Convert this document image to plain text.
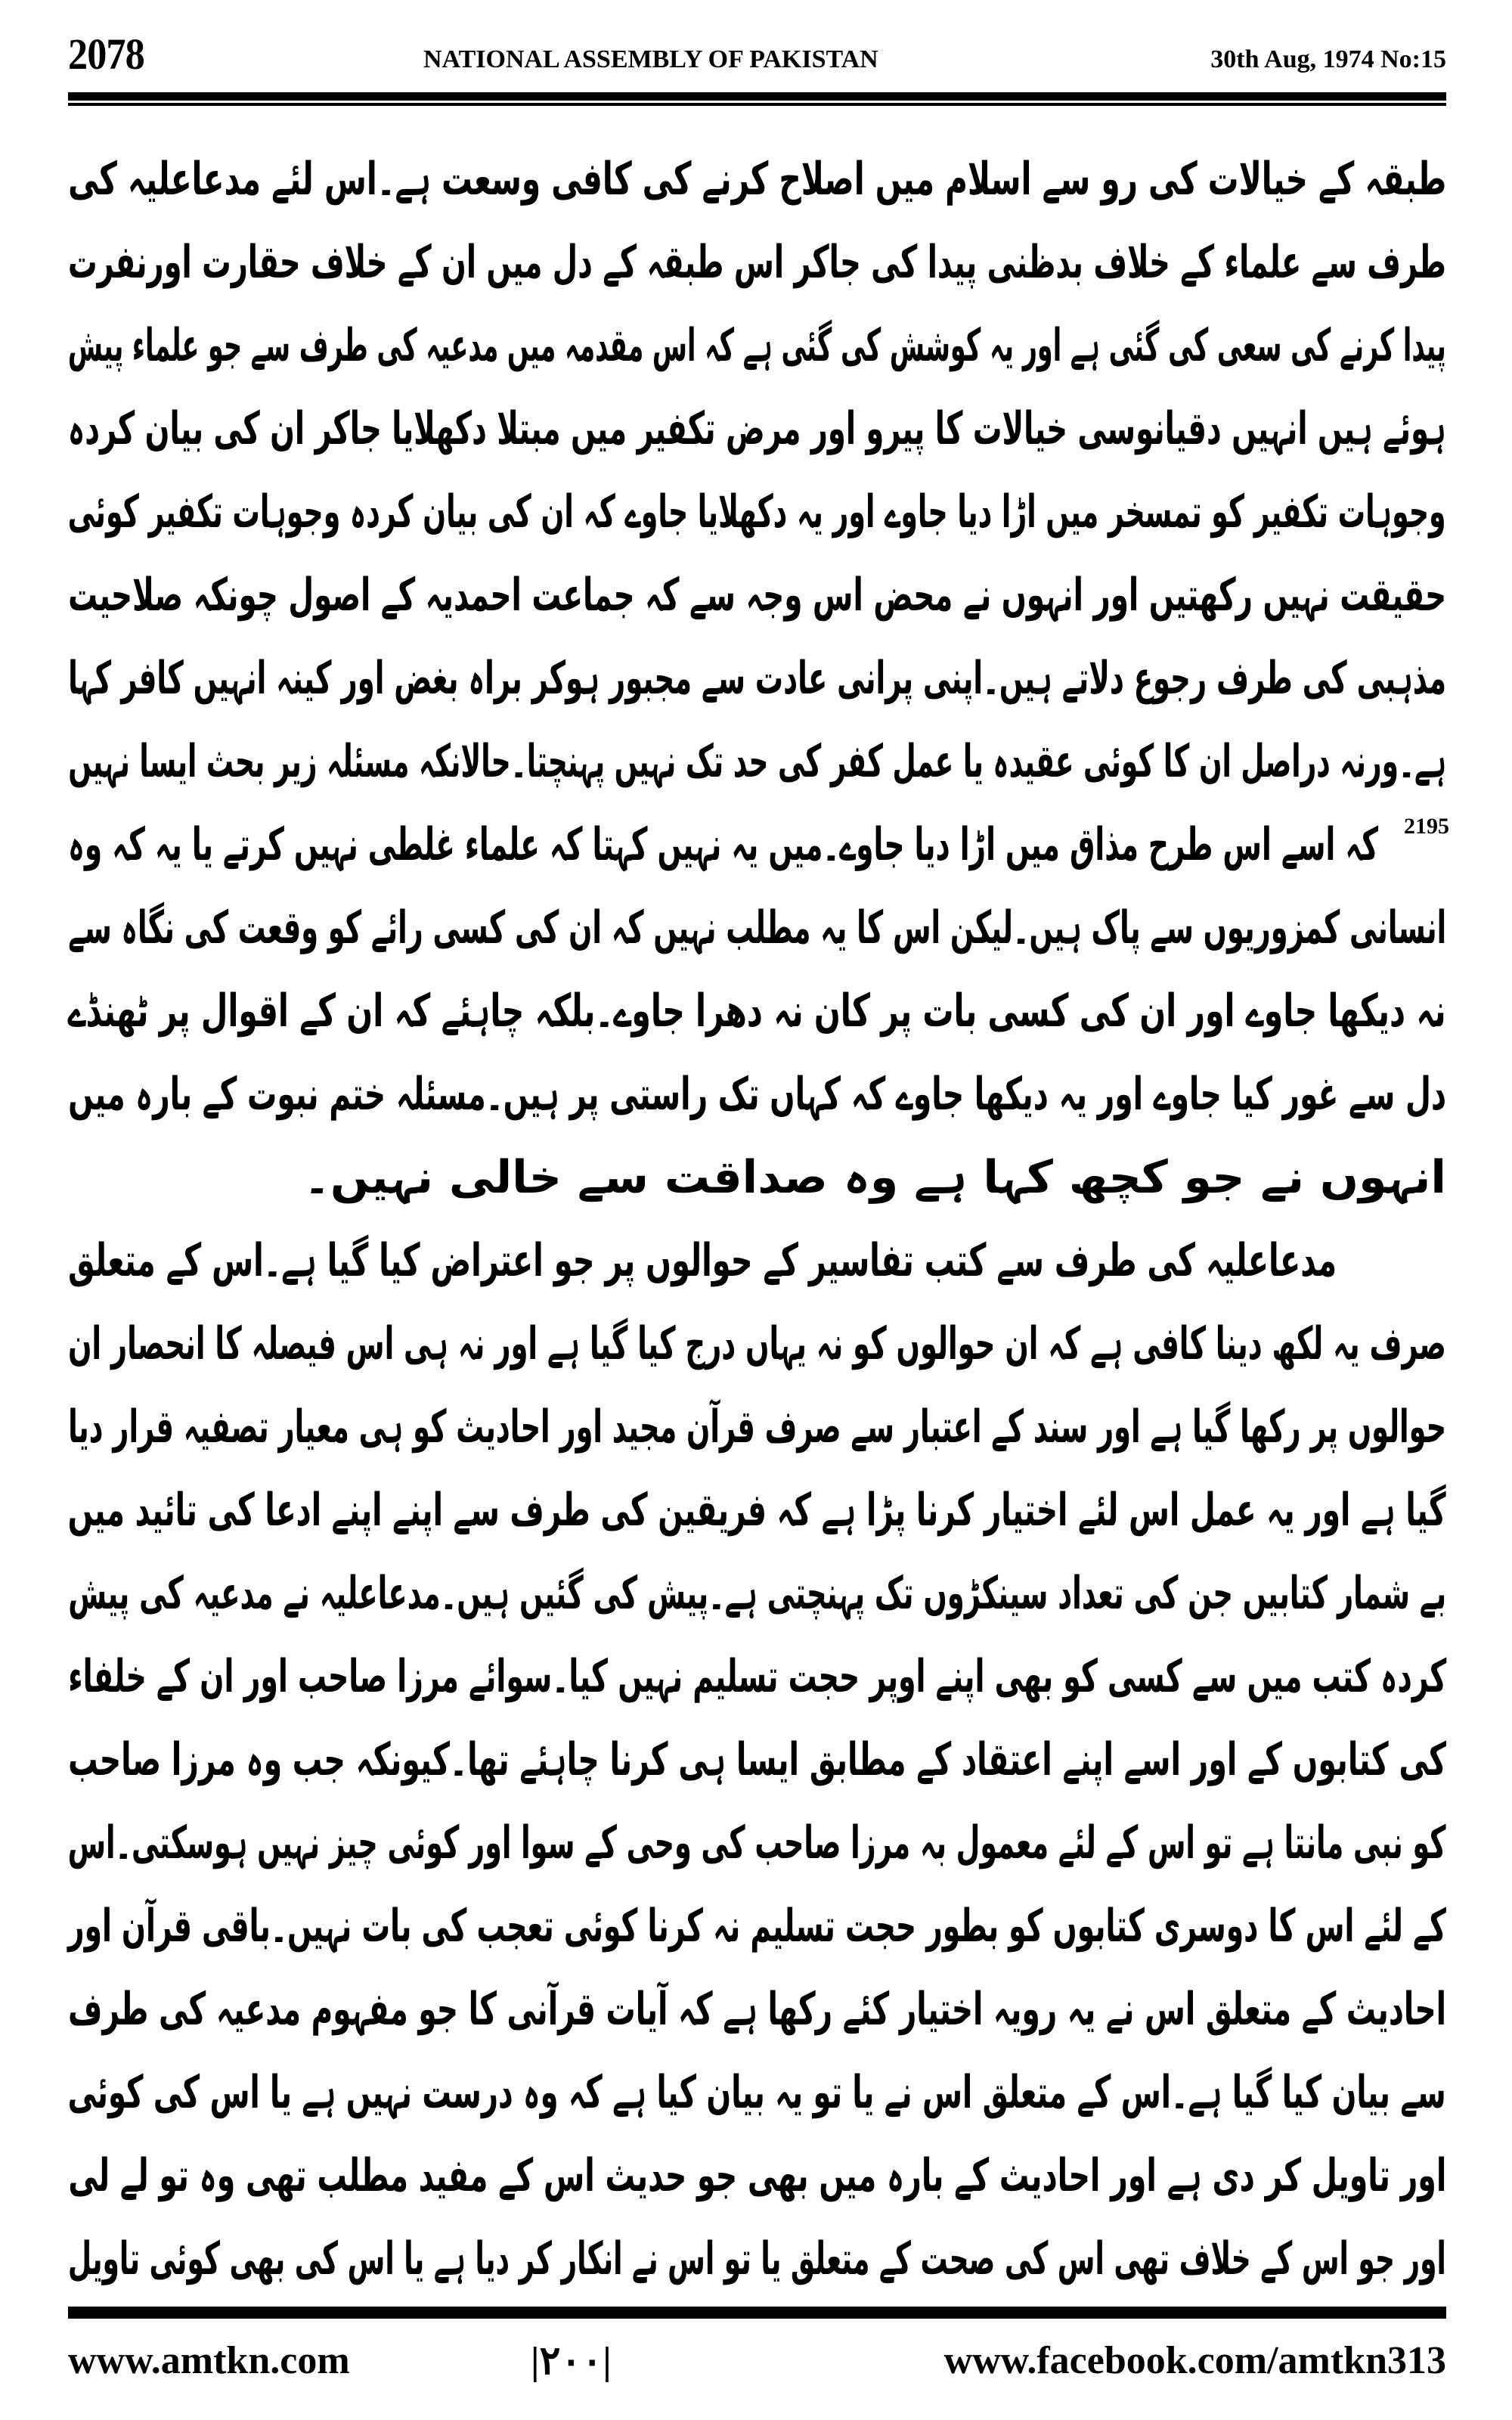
2078	NATIONAL ASSEMBLY OF PAKISTAN	30th Aug, 1974 No:15
طبقہ کے خیالات کی رو سے اسلام میں اصلاح کرنے کی کافی وسعت ہے۔اس لئے مدعاعلیہ کی
طرف سے علماء کے خلاف بدظنی پیدا کی جاکر اس طبقہ کے دل میں ان کے خلاف حقارت اورنفرت
پیدا کرنے کی سعی کی گئی ہے اور یہ کوشش کی گئی ہے کہ اس مقدمہ میں مدعیہ کی طرف سے جو علماء پیش
ہوئے ہیں انہیں دقیانوسی خیالات کا پیرو اور مرض تکفیر میں مبتلا دکھلایا جاکر ان کی بیان کردہ
وجوہات تکفیر کو تمسخر میں اڑا دیا جاوے اور یہ دکھلایا جاوے کہ ان کی بیان کردہ وجوہات تکفیر کوئی
حقیقت نہیں رکھتیں اور انہوں نے محض اس وجہ سے کہ جماعت احمدیہ کے اصول چونکہ صلاحیت
مذہبی کی طرف رجوع دلاتے ہیں۔اپنی پرانی عادت سے مجبور ہوکر براہ بغض اور کینہ انہیں کافر کہا
ہے۔ورنہ دراصل ان کا کوئی عقیدہ یا عمل کفر کی حد تک نہیں پہنچتا۔حالانکہ مسئلہ زیر بحث ایسا نہیں
2195
کہ اسے اس طرح مذاق میں اڑا دیا جاوے۔میں یہ نہیں کہتا کہ علماء غلطی نہیں کرتے یا یہ کہ وہ
انسانی کمزوریوں سے پاک ہیں۔لیکن اس کا یہ مطلب نہیں کہ ان کی کسی رائے کو وقعت کی نگاہ سے
نہ دیکھا جاوے اور ان کی کسی بات پر کان نہ دھرا جاوے۔بلکہ چاہئے کہ ان کے اقوال پر ٹھنڈے
دل سے غور کیا جاوے اور یہ دیکھا جاوے کہ کہاں تک راستی پر ہیں۔مسئلہ ختم نبوت کے بارہ میں
انہوں نے جو کچھ کہا ہے وہ صداقت سے خالی نہیں۔
مدعاعلیہ کی طرف سے کتب تفاسیر کے حوالوں پر جو اعتراض کیا گیا ہے۔اس کے متعلق
صرف یہ لکھ دینا کافی ہے کہ ان حوالوں کو نہ یہاں درج کیا گیا ہے اور نہ ہی اس فیصلہ کا انحصار ان
حوالوں پر رکھا گیا ہے اور سند کے اعتبار سے صرف قرآن مجید اور احادیث کو ہی معیار تصفیہ قرار دیا
گیا ہے اور یہ عمل اس لئے اختیار کرنا پڑا ہے کہ فریقین کی طرف سے اپنے اپنے ادعا کی تائید میں
بے شمار کتابیں جن کی تعداد سینکڑوں تک پہنچتی ہے۔پیش کی گئیں ہیں۔مدعاعلیہ نے مدعیہ کی پیش
کردہ کتب میں سے کسی کو بھی اپنے اوپر حجت تسلیم نہیں کیا۔سوائے مرزا صاحب اور ان کے خلفاء
کی کتابوں کے اور اسے اپنے اعتقاد کے مطابق ایسا ہی کرنا چاہئے تھا۔کیونکہ جب وہ مرزا صاحب
کو نبی مانتا ہے تو اس کے لئے معمول بہ مرزا صاحب کی وحی کے سوا اور کوئی چیز نہیں ہوسکتی۔اس
کے لئے اس کا دوسری کتابوں کو بطور حجت تسلیم نہ کرنا کوئی تعجب کی بات نہیں۔باقی قرآن اور
احادیث کے متعلق اس نے یہ رویہ اختیار کئے رکھا ہے کہ آیات قرآنی کا جو مفہوم مدعیہ کی طرف
سے بیان کیا گیا ہے۔اس کے متعلق اس نے یا تو یہ بیان کیا ہے کہ وہ درست نہیں ہے یا اس کی کوئی
اور تاویل کر دی ہے اور احادیث کے بارہ میں بھی جو حدیث اس کے مفید مطلب تھی وہ تو لے لی
اور جو اس کے خلاف تھی اس کی صحت کے متعلق یا تو اس نے انکار کر دیا ہے یا اس کی بھی کوئی تاویل
www.amtkn.com	|۲۰۰|	www.facebook.com/amtkn313
